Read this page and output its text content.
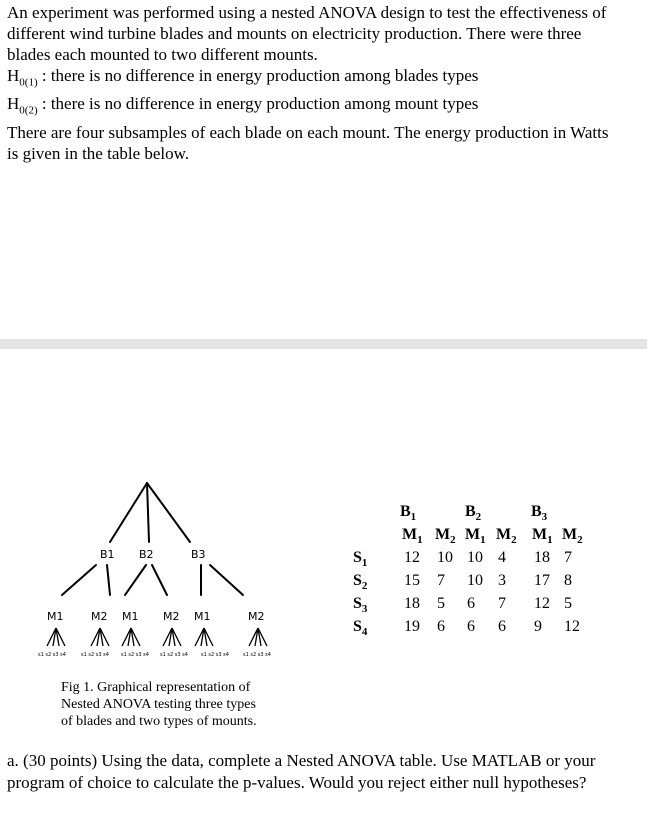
An experiment was performed using a nested ANOVA design to test the effectiveness of

different wind turbine blades and mounts on electricity production. There were three

blades each mounted to two different mounts.

$H_{0(1)}$ : there is no difference in energy production among blades types

$H_{0(2)}$ : there is no difference in energy production among mount types

There are four subsamples of each blade on each mount. The energy production in Watts

is given in the table below.

B1 B2	B3
M1	M2 M1 M2 M1	M2
s1 s2 s3 s4	s1 s2 s3 s4 s1 s2 s3 s4 s1 s2 s3 s4	s1 s2 s3 s4	s1 s2 s3 s4
Fig 1. Graphical representation of
Nested ANOVA testing three types
of blades and two types of mounts.
$B_1$	$B_2$	$B_3$
$M_1$ $M_2$ $M_1$ $M_2$ $M_1$ $M_2$
$S_1$ 12 10 10 4 18 7
$S_2$ 15 7 10 3 17 8
$S_3$ 18 5 6 7 12 5
$S_4$ 19 6 6 6 9 12

a. (30 points) Using the data, complete a Nested ANOVA table. Use MATLAB or your

program of choice to calculate the p-values. Would you reject either null hypotheses?
